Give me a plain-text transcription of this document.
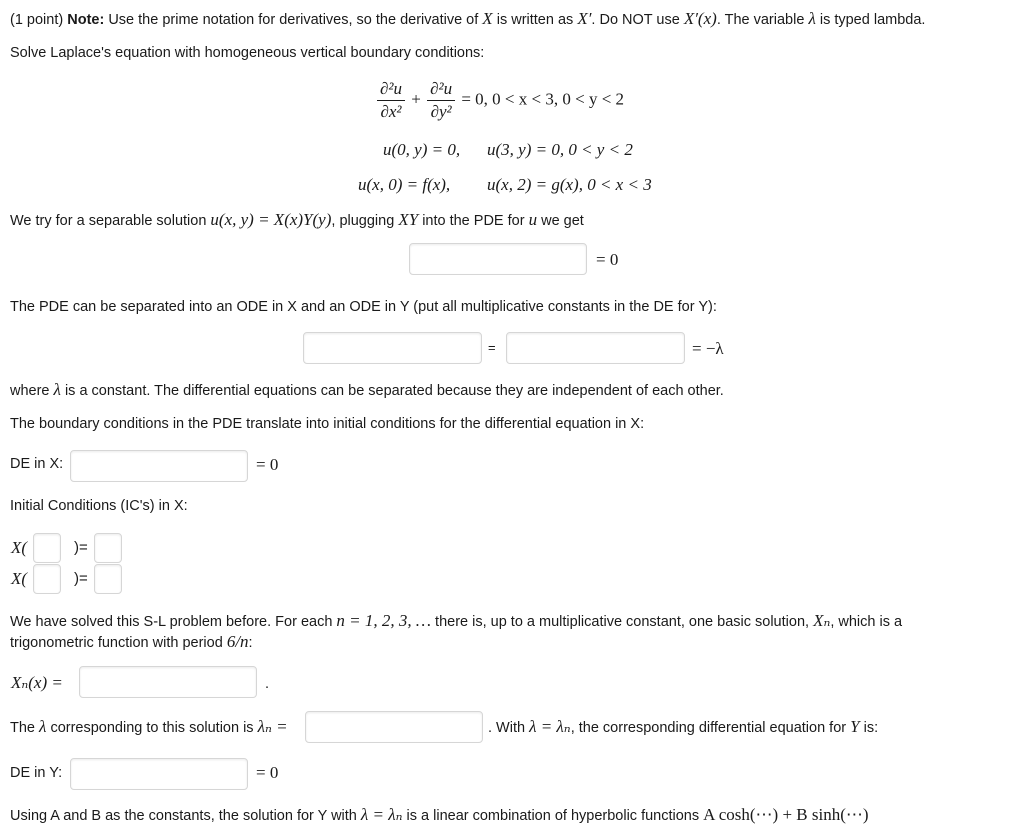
(1 point) Note: Use the prime notation for derivatives, so the derivative of X is written as X′. Do NOT use X′(x). The variable λ is typed lambda.
Solve Laplace's equation with homogeneous vertical boundary conditions:
$\frac{\text{∂²u}}{\text{∂x²}} + \frac{\text{∂²u}}{\text{∂y²}} = 0$, 0 < x < 3, 0 < y < 2
u(0, y) = 0, u(3, y) = 0, 0 < y < 2
u(x, 0) = f(x), u(x, 2) = g(x), 0 < x < 3
We try for a separable solution u(x, y) = X(x)Y(y), plugging XY into the PDE for u we get
= 0
The PDE can be separated into an ODE in X and an ODE in Y (put all multiplicative constants in the DE for Y):
=	= −λ
where λ is a constant. The differential equations can be separated because they are independent of each other.
The boundary conditions in the PDE translate into initial conditions for the differential equation in X:
DE in X:	= 0
Initial Conditions (IC's) in X:
X(	)=
X(	)=
We have solved this S-L problem before. For each n = 1, 2, 3, … there is, up to a multiplicative constant, one basic solution, Xₙ, which is a
trigonometric function with period 6/n:
Xₙ(x) =	.
The λ corresponding to this solution is λₙ =	. With λ = λₙ, the corresponding differential equation for Y is:
DE in Y:	= 0
Using A and B as the constants, the solution for Y with λ = λₙ is a linear combination of hyperbolic functions A cosh(⋯) + B sinh(⋯)
